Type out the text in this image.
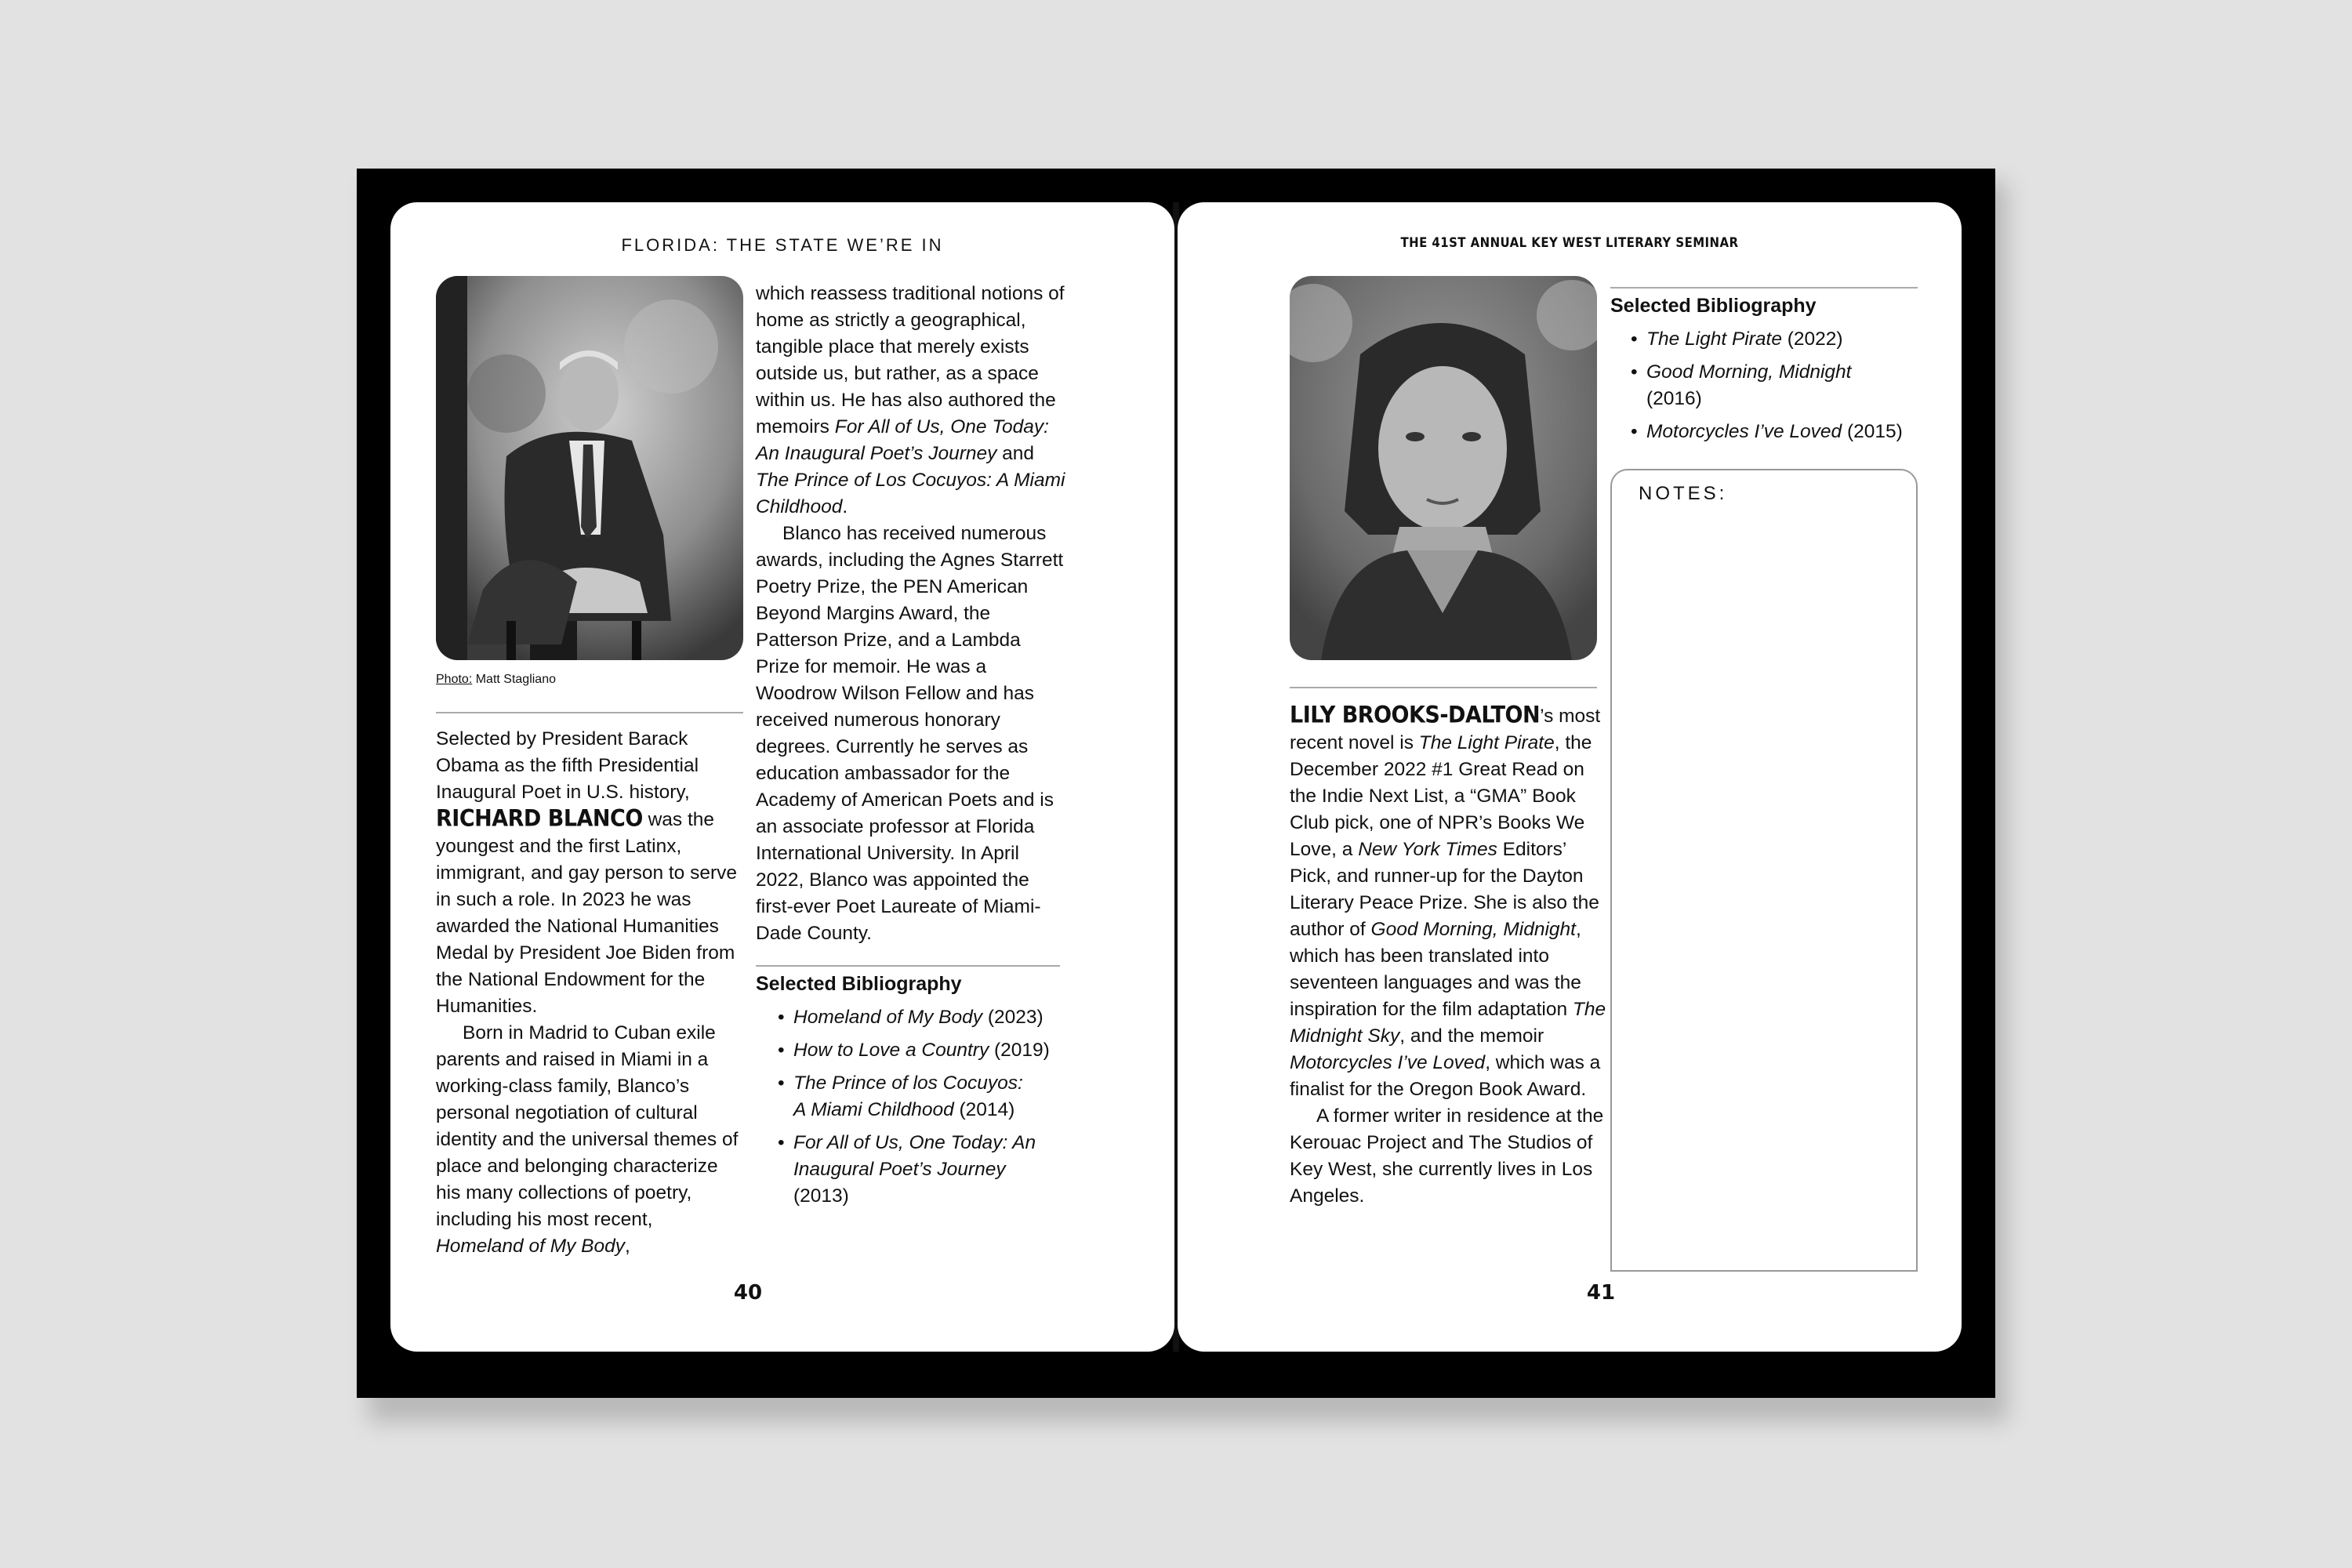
FLORIDA: THE STATE WE’RE IN
Photo: Matt Stagliano

Selected by President Barack Obama as the fifth Presidential Inaugural Poet in U.S. history, RICHARD BLANCO was the youngest and the first Latinx, immigrant, and gay person to serve in such a role. In 2023 he was awarded the National Humanities Medal by President Joe Biden from the National Endowment for the Humanities.

Born in Madrid to Cuban exile parents and raised in Miami in a working-class family, Blanco’s personal negotiation of cultural identity and the universal themes of place and belonging characterize his many collections of poetry, including his most recent, Homeland of My Body,

which reassess traditional notions of home as strictly a geographical, tangible place that merely exists outside us, but rather, as a space within us. He has also authored the memoirs For All of Us, One Today: An Inaugural Poet’s Journey and The Prince of Los Cocuyos: A Miami Childhood.

Blanco has received numerous awards, including the Agnes Starrett Poetry Prize, the PEN American Beyond Margins Award, the Patterson Prize, and a Lambda Prize for memoir. He was a Woodrow Wilson Fellow and has received numerous honorary degrees. Currently he serves as education ambassador for the Academy of American Poets and is an associate professor at Florida International University. In April 2022, Blanco was appointed the first-ever Poet Laureate of Miami-Dade County.

Selected Bibliography
• Homeland of My Body (2023)
• How to Love a Country (2019)
• The Prince of los Cocuyos: A Miami Childhood (2014)
• For All of Us, One Today: An Inaugural Poet’s Journey (2013)
40
THE 41ST ANNUAL KEY WEST LITERARY SEMINAR

LILY BROOKS-DALTON’s most recent novel is The Light Pirate, the December 2022 #1 Great Read on the Indie Next List, a “GMA” Book Club pick, one of NPR’s Books We Love, a New York Times Editors’ Pick, and runner-up for the Dayton Literary Peace Prize. She is also the author of Good Morning, Midnight, which has been translated into seventeen languages and was the inspiration for the film adaptation The Midnight Sky, and the memoir Motorcycles I’ve Loved, which was a finalist for the Oregon Book Award.

A former writer in residence at the Kerouac Project and The Studios of Key West, she currently lives in Los Angeles.

Selected Bibliography
• The Light Pirate (2022)
• Good Morning, Midnight (2016)
• Motorcycles I’ve Loved (2015)
NOTES:
41
